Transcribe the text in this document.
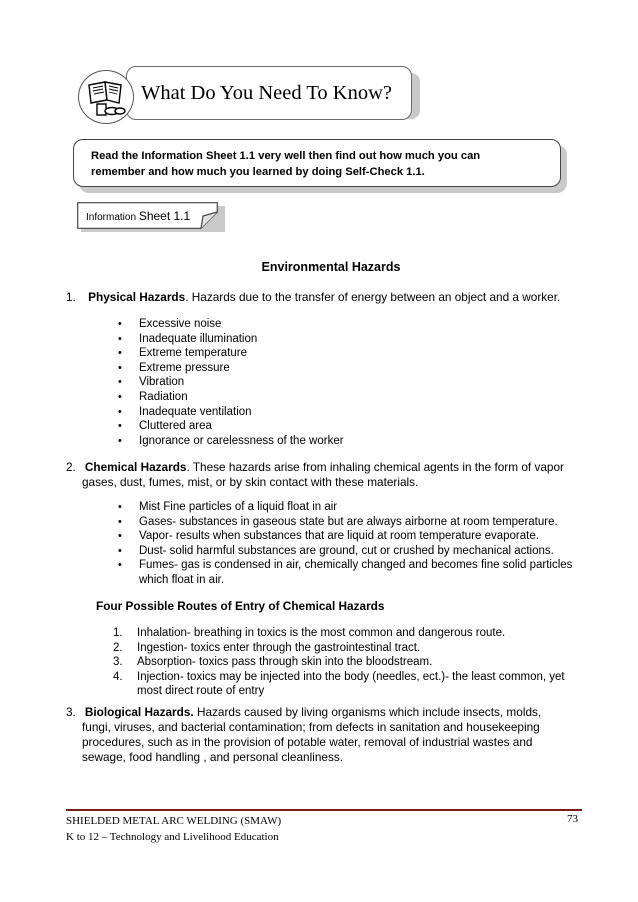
What Do You Need To Know?
Read the Information Sheet 1.1 very well then find out how much you can
remember and how much you learned by doing Self-Check 1.1.
Information Sheet 1.1
Environmental Hazards
1. Physical Hazards. Hazards due to the transfer of energy between an object and a worker.
• Excessive noise
• Inadequate illumination
• Extreme temperature
• Extreme pressure
• Vibration
• Radiation
• Inadequate ventilation
• Cluttered area
• Ignorance or carelessness of the worker
2. Chemical Hazards. These hazards arise from inhaling chemical agents in the form of vapor
gases, dust, fumes, mist, or by skin contact with these materials.
• Mist Fine particles of a liquid float in air
• Gases- substances in gaseous state but are always airborne at room temperature.
• Vapor- results when substances that are liquid at room temperature evaporate.
• Dust- solid harmful substances are ground, cut or crushed by mechanical actions.
• Fumes- gas is condensed in air, chemically changed and becomes fine solid particles
which float in air.
Four Possible Routes of Entry of Chemical Hazards
1. Inhalation- breathing in toxics is the most common and dangerous route.
2. Ingestion- toxics enter through the gastrointestinal tract.
3. Absorption- toxics pass through skin into the bloodstream.
4. Injection- toxics may be injected into the body (needles, ect.)- the least common, yet
most direct route of entry
3. Biological Hazards. Hazards caused by living organisms which include insects, molds,
fungi, viruses, and bacterial contamination; from defects in sanitation and housekeeping
procedures, such as in the provision of potable water, removal of industrial wastes and
sewage, food handling , and personal cleanliness.
SHIELDED METAL ARC WELDING (SMAW)
K to 12 – Technology and Livelihood Education
73
